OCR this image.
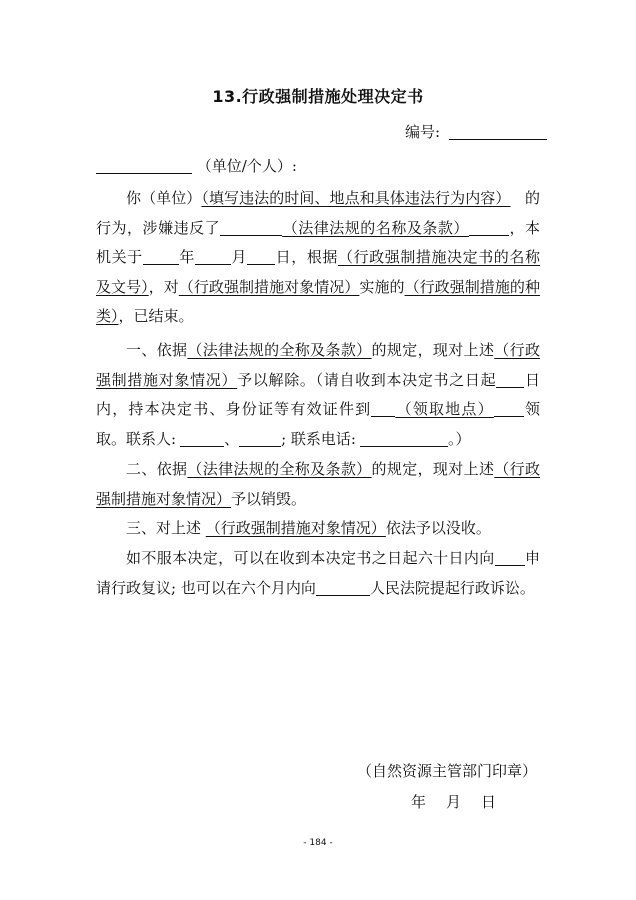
13.行政强制措施处理决定书
编号:
（单位/个人）:
你（单位）（填写违法的时间、地点和具体违法行为内容） 的行为，涉嫌违反了	（法律法规的名称及条款）	，本机关于 年 月 日，根据（行政强制措施决定书的名称及文号），对（行政强制措施对象情况）实施的（行政强制措施的种类），已结束。
一、依据（法律法规的全称及条款）的规定，现对上述（行政强制措施对象情况）予以解除。（请自收到本决定书之日起 日内，持本决定书、身份证等有效证件到 （领取地点） 领取。联系人:	、	; 联系电话:	。）
二、依据（法律法规的全称及条款）的规定，现对上述（行政强制措施对象情况）予以销毁。
三、对上述 （行政强制措施对象情况）依法予以没收。
如不服本决定，可以在收到本决定书之日起六十日内向 申请行政复议; 也可以在六个月内向	人民法院提起行政诉讼。
（自然资源主管部门印章）
年 月 日
- 184 -
